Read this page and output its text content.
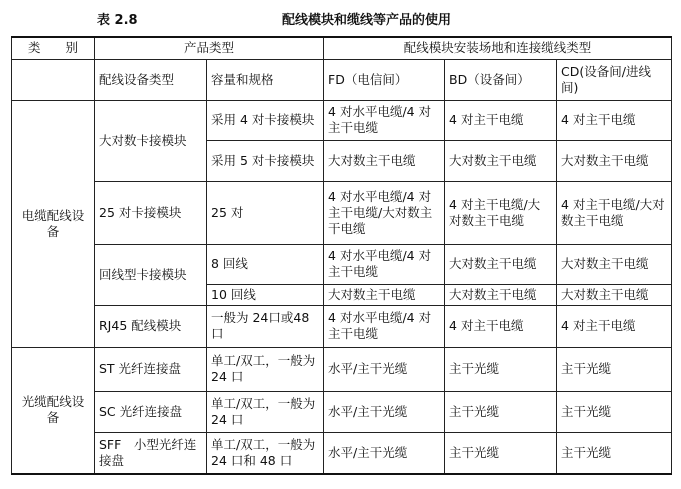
表 2.8	配线模块和缆线等产品的使用
类　　别	产品类型		配线模块安装场地和连接缆线类型		
	配线设备类型	容量和规格	FD（电信间）	BD（设备间）	CD(设备间/进线间)
电缆配线设备	大对数卡接模块	采用 4 对卡接模块	4 对水平电缆/4 对主干电缆	4 对主干电缆	4 对主干电缆
		采用 5 对卡接模块	大对数主干电缆	大对数主干电缆	大对数主干电缆
	25 对卡接模块	25 对	4 对水平电缆/4 对主干电缆/大对数主干电缆	4 对主干电缆/大对数主干电缆	4 对主干电缆/大对数主干电缆
	回线型卡接模块	8 回线	4 对水平电缆/4 对主干电缆	大对数主干电缆	大对数主干电缆
		10 回线	大对数主干电缆	大对数主干电缆	大对数主干电缆
	RJ45 配线模块	一般为 24口或48口	4 对水平电缆/4 对主干电缆	4 对主干电缆	4 对主干电缆
光缆配线设备	ST 光纤连接盘	单工/双工，一般为 24 口	水平/主干光缆	主干光缆	主干光缆
	SC 光纤连接盘	单工/双工，一般为 24 口	水平/主干光缆	主干光缆	主干光缆
	SFF　小型光纤连接盘	单工/双工，一般为 24 口和 48 口	水平/主干光缆	主干光缆	主干光缆
